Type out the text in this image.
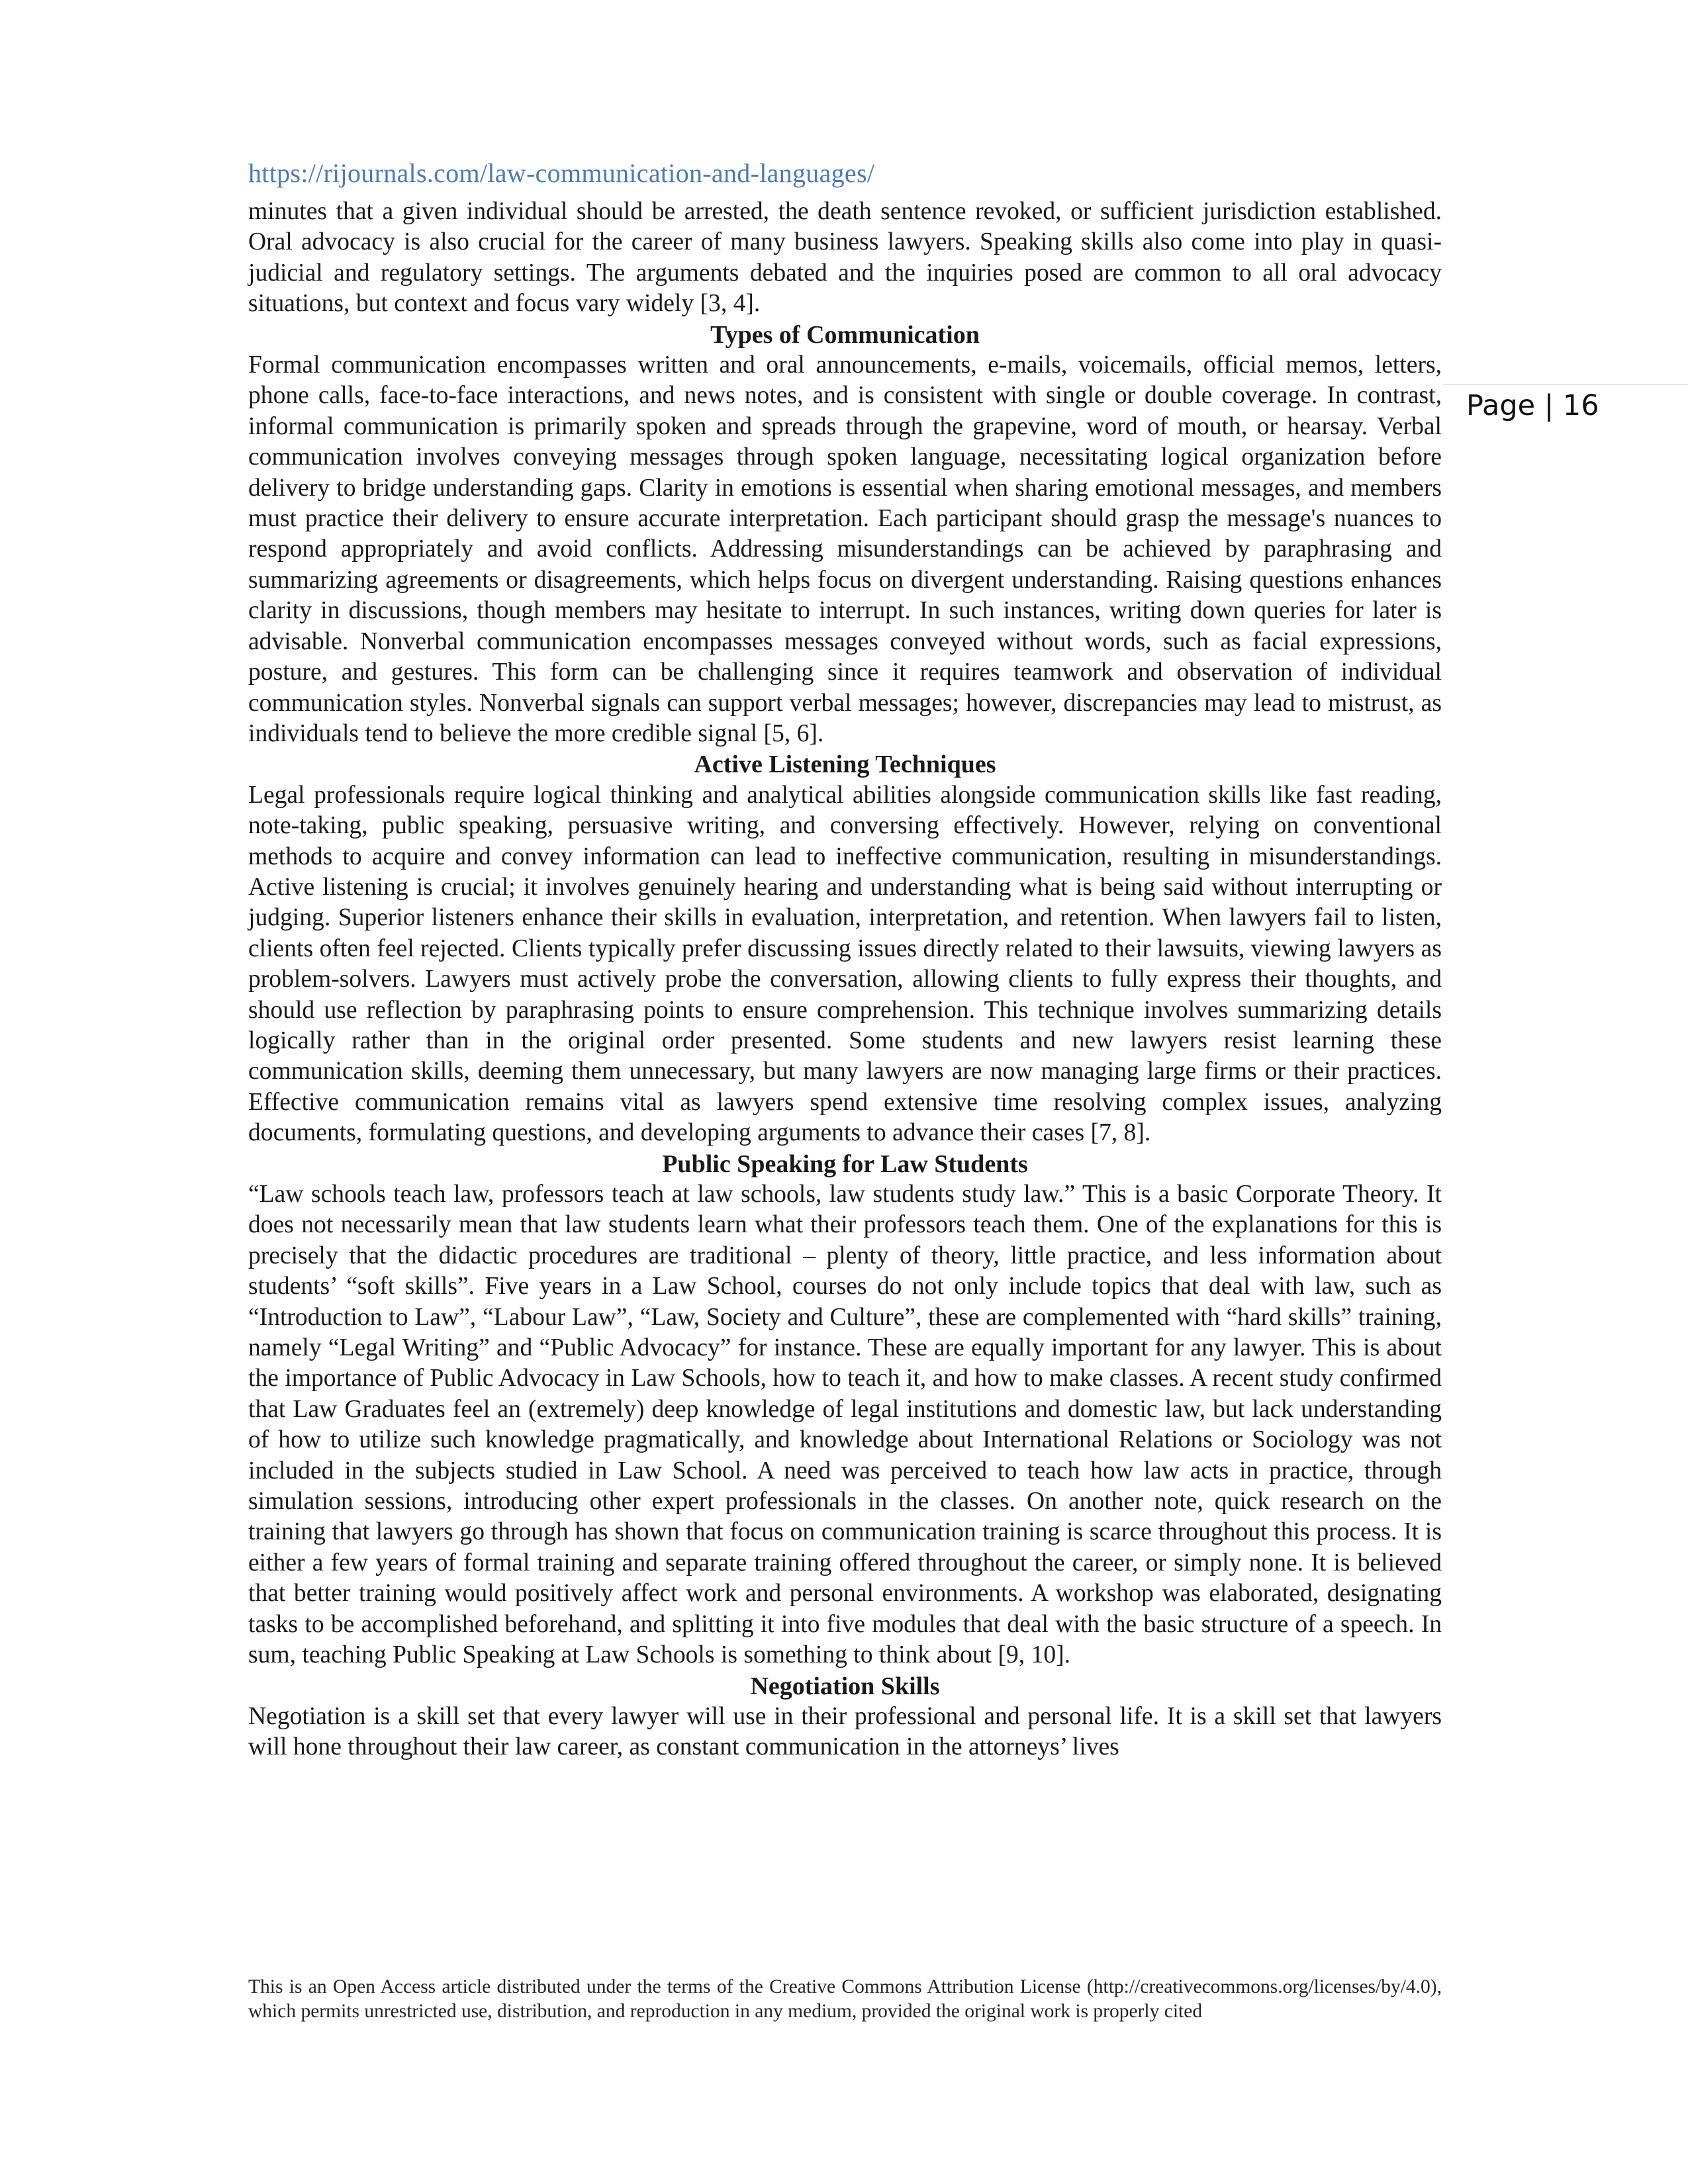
https://rijournals.com/law-communication-and-languages/
Page | 16

minutes that a given individual should be arrested, the death sentence revoked, or sufficient jurisdiction established. Oral advocacy is also crucial for the career of many business lawyers. Speaking skills also come into play in quasi-judicial and regulatory settings. The arguments debated and the inquiries posed are common to all oral advocacy situations, but context and focus vary widely [3, 4].

Types of Communication

Formal communication encompasses written and oral announcements, e-mails, voicemails, official memos, letters, phone calls, face-to-face interactions, and news notes, and is consistent with single or double coverage. In contrast, informal communication is primarily spoken and spreads through the grapevine, word of mouth, or hearsay. Verbal communication involves conveying messages through spoken language, necessitating logical organization before delivery to bridge understanding gaps. Clarity in emotions is essential when sharing emotional messages, and members must practice their delivery to ensure accurate interpretation. Each participant should grasp the message's nuances to respond appropriately and avoid conflicts. Addressing misunderstandings can be achieved by paraphrasing and summarizing agreements or disagreements, which helps focus on divergent understanding. Raising questions enhances clarity in discussions, though members may hesitate to interrupt. In such instances, writing down queries for later is advisable. Nonverbal communication encompasses messages conveyed without words, such as facial expressions, posture, and gestures. This form can be challenging since it requires teamwork and observation of individual communication styles. Nonverbal signals can support verbal messages; however, discrepancies may lead to mistrust, as individuals tend to believe the more credible signal [5, 6].

Active Listening Techniques

Legal professionals require logical thinking and analytical abilities alongside communication skills like fast reading, note-taking, public speaking, persuasive writing, and conversing effectively. However, relying on conventional methods to acquire and convey information can lead to ineffective communication, resulting in misunderstandings. Active listening is crucial; it involves genuinely hearing and understanding what is being said without interrupting or judging. Superior listeners enhance their skills in evaluation, interpretation, and retention. When lawyers fail to listen, clients often feel rejected. Clients typically prefer discussing issues directly related to their lawsuits, viewing lawyers as problem-solvers. Lawyers must actively probe the conversation, allowing clients to fully express their thoughts, and should use reflection by paraphrasing points to ensure comprehension. This technique involves summarizing details logically rather than in the original order presented. Some students and new lawyers resist learning these communication skills, deeming them unnecessary, but many lawyers are now managing large firms or their practices. Effective communication remains vital as lawyers spend extensive time resolving complex issues, analyzing documents, formulating questions, and developing arguments to advance their cases [7, 8].

Public Speaking for Law Students

“Law schools teach law, professors teach at law schools, law students study law.” This is a basic Corporate Theory. It does not necessarily mean that law students learn what their professors teach them. One of the explanations for this is precisely that the didactic procedures are traditional – plenty of theory, little practice, and less information about students’ “soft skills”. Five years in a Law School, courses do not only include topics that deal with law, such as “Introduction to Law”, “Labour Law”, “Law, Society and Culture”, these are complemented with “hard skills” training, namely “Legal Writing” and “Public Advocacy” for instance. These are equally important for any lawyer. This is about the importance of Public Advocacy in Law Schools, how to teach it, and how to make classes. A recent study confirmed that Law Graduates feel an (extremely) deep knowledge of legal institutions and domestic law, but lack understanding of how to utilize such knowledge pragmatically, and knowledge about International Relations or Sociology was not included in the subjects studied in Law School. A need was perceived to teach how law acts in practice, through simulation sessions, introducing other expert professionals in the classes. On another note, quick research on the training that lawyers go through has shown that focus on communication training is scarce throughout this process. It is either a few years of formal training and separate training offered throughout the career, or simply none. It is believed that better training would positively affect work and personal environments. A workshop was elaborated, designating tasks to be accomplished beforehand, and splitting it into five modules that deal with the basic structure of a speech. In sum, teaching Public Speaking at Law Schools is something to think about [9, 10].

Negotiation Skills

Negotiation is a skill set that every lawyer will use in their professional and personal life. It is a skill set that lawyers will hone throughout their law career, as constant communication in the attorneys’ lives

This is an Open Access article distributed under the terms of the Creative Commons Attribution License (http://creativecommons.org/licenses/by/4.0), which permits unrestricted use, distribution, and reproduction in any medium, provided the original work is properly cited
